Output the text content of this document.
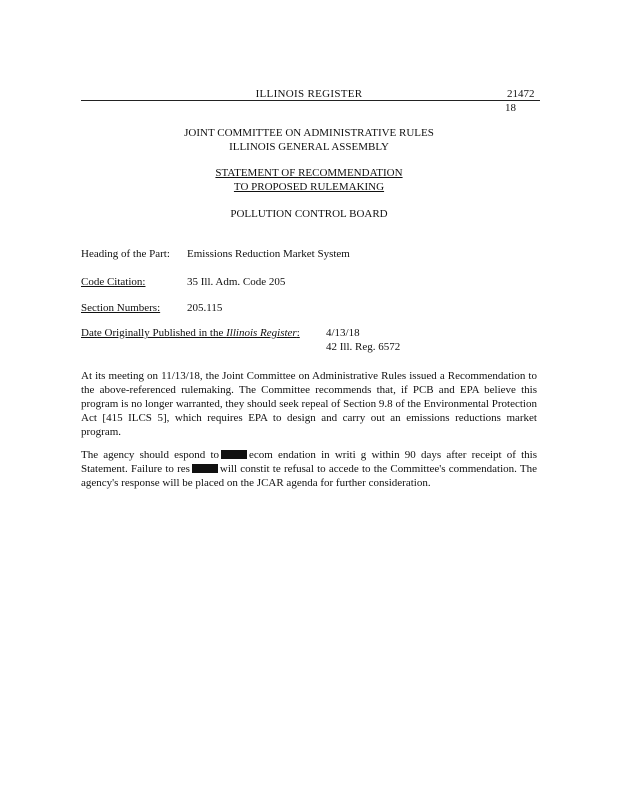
ILLINOIS REGISTER	21472
18
JOINT COMMITTEE ON ADMINISTRATIVE RULES
ILLINOIS GENERAL ASSEMBLY
STATEMENT OF RECOMMENDATION
TO PROPOSED RULEMAKING
POLLUTION CONTROL BOARD
Heading of the Part: Emissions Reduction Market System
Code Citation:	35 Ill. Adm. Code 205
Section Numbers: 205.115
Date Originally Published in the Illinois Register: 4/13/18
42 Ill. Reg. 6572
At its meeting on 11/13/18, the Joint Committee on Administrative Rules issued a Recommendation to the above-referenced rulemaking. The Committee recommends that, if PCB and EPA believe this program is no longer warranted, they should seek repeal of Section 9.8 of the Environmental Protection Act [415 ILCS 5], which requires EPA to design and carry out an emissions reductions market program.
The agency should espond to	ecom endation in writi g within 90 days after receipt of this Statement. Failure to res	will constit te refusal to accede to the Committee's commendation. The agency's response will be placed on the JCAR agenda for further consideration.
